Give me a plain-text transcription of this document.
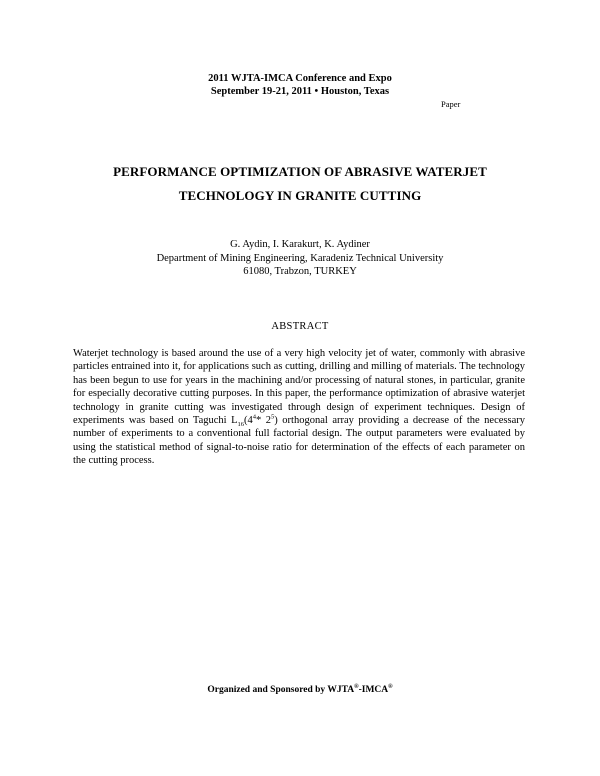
2011 WJTA-IMCA Conference and Expo
September 19-21, 2011 • Houston, Texas
Paper
PERFORMANCE OPTIMIZATION OF ABRASIVE WATERJET
TECHNOLOGY IN GRANITE CUTTING
G. Aydin, I. Karakurt, K. Aydiner
Department of Mining Engineering, Karadeniz Technical University
61080, Trabzon, TURKEY
ABSTRACT
Waterjet technology is based around the use of a very high velocity jet of water, commonly with abrasive particles entrained into it, for applications such as cutting, drilling and milling of materials. The technology has been begun to use for years in the machining and/or processing of natural stones, in particular, granite for especially decorative cutting purposes. In this paper, the performance optimization of abrasive waterjet technology in granite cutting was investigated through design of experiment techniques. Design of experiments was based on Taguchi $L_{16}(4^4*$ $2^5$) orthogonal array providing a decrease of the necessary number of experiments to a conventional full factorial design. The output parameters were evaluated by using the statistical method of signal-to-noise ratio for determination of the effects of each parameter on the cutting process.
Organized and Sponsored by WJTA®-IMCA®
